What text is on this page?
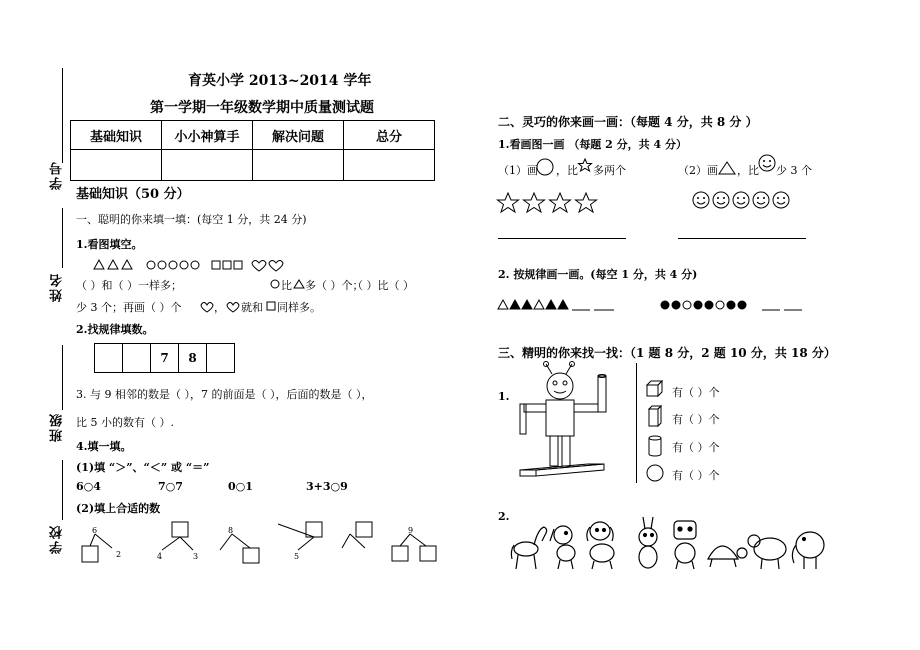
学号
姓名
班级
学校
育英小学 2013~2014 学年
第一学期一年级数学期中质量测试题
基础知识	小小神算手	解决问题	总分

基础知识（50 分）
一、聪明的你来填一填：(每空 1 分，共 24 分)
1.看图填空。
（ ）和（ ）一样多；	比 多（ ）个；
（ ）比（ ）
少 3 个；再画（ ）个	， 就和 同样多。
2.找规律填数。
		7	8	
3. 与 9 相邻的数是（ ），7 的前面是（ ），后面的数是（ ），
比 5 小的数有（ ）.
4.填一填。
(1)填 “＞”、“＜” 或 “＝”
6○4	7○7	0○1	3+3○9
(2)填上合适的数
6
2	4	3
8
5
9
二、灵巧的你来画一画：（每题 4 分，共 8 分 ）
1.看画图一画 （每题 2 分，共 4 分）
（1）画 ，比 多两个	（2）画 ，比 少 3 个
2. 按规律画一画。(每空 1 分，共 4 分)
三、精明的你来找一找：（1 题 8 分，2 题 10 分，共 18 分）
1.	有（ ）个
有（ ）个
有（ ）个
有（ ）个
2.
